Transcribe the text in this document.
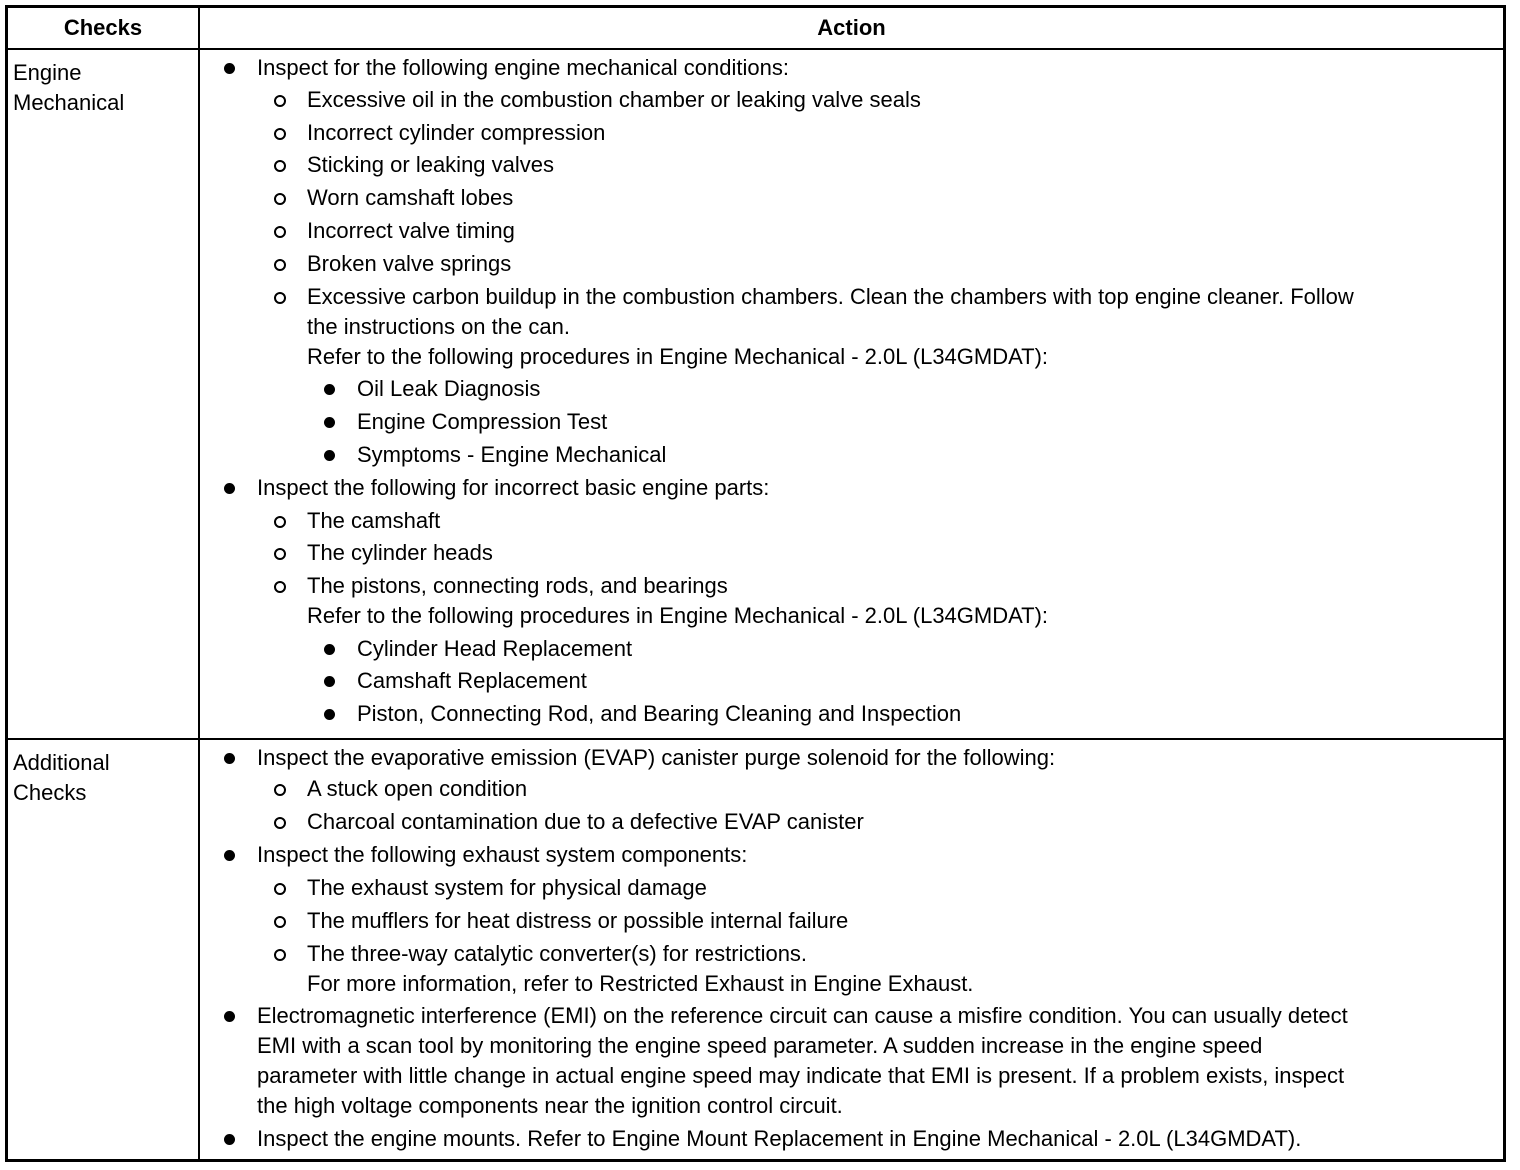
Checks	Action
Engine
Mechanical
Additional
Checks
Inspect for the following engine mechanical conditions:
Excessive oil in the combustion chamber or leaking valve seals
Incorrect cylinder compression
Sticking or leaking valves
Worn camshaft lobes
Incorrect valve timing
Broken valve springs
Excessive carbon buildup in the combustion chambers. Clean the chambers with top engine cleaner. Follow
the instructions on the can.
Refer to the following procedures in Engine Mechanical - 2.0L (L34GMDAT):
Oil Leak Diagnosis
Engine Compression Test
Symptoms - Engine Mechanical
Inspect the following for incorrect basic engine parts:
The camshaft
The cylinder heads
The pistons, connecting rods, and bearings
Refer to the following procedures in Engine Mechanical - 2.0L (L34GMDAT):
Cylinder Head Replacement
Camshaft Replacement
Piston, Connecting Rod, and Bearing Cleaning and Inspection
Inspect the evaporative emission (EVAP) canister purge solenoid for the following:
A stuck open condition
Charcoal contamination due to a defective EVAP canister
Inspect the following exhaust system components:
The exhaust system for physical damage
The mufflers for heat distress or possible internal failure
The three-way catalytic converter(s) for restrictions.
For more information, refer to Restricted Exhaust in Engine Exhaust.
Electromagnetic interference (EMI) on the reference circuit can cause a misfire condition. You can usually detect
EMI with a scan tool by monitoring the engine speed parameter. A sudden increase in the engine speed
parameter with little change in actual engine speed may indicate that EMI is present. If a problem exists, inspect
the high voltage components near the ignition control circuit.
Inspect the engine mounts. Refer to Engine Mount Replacement in Engine Mechanical - 2.0L (L34GMDAT).
